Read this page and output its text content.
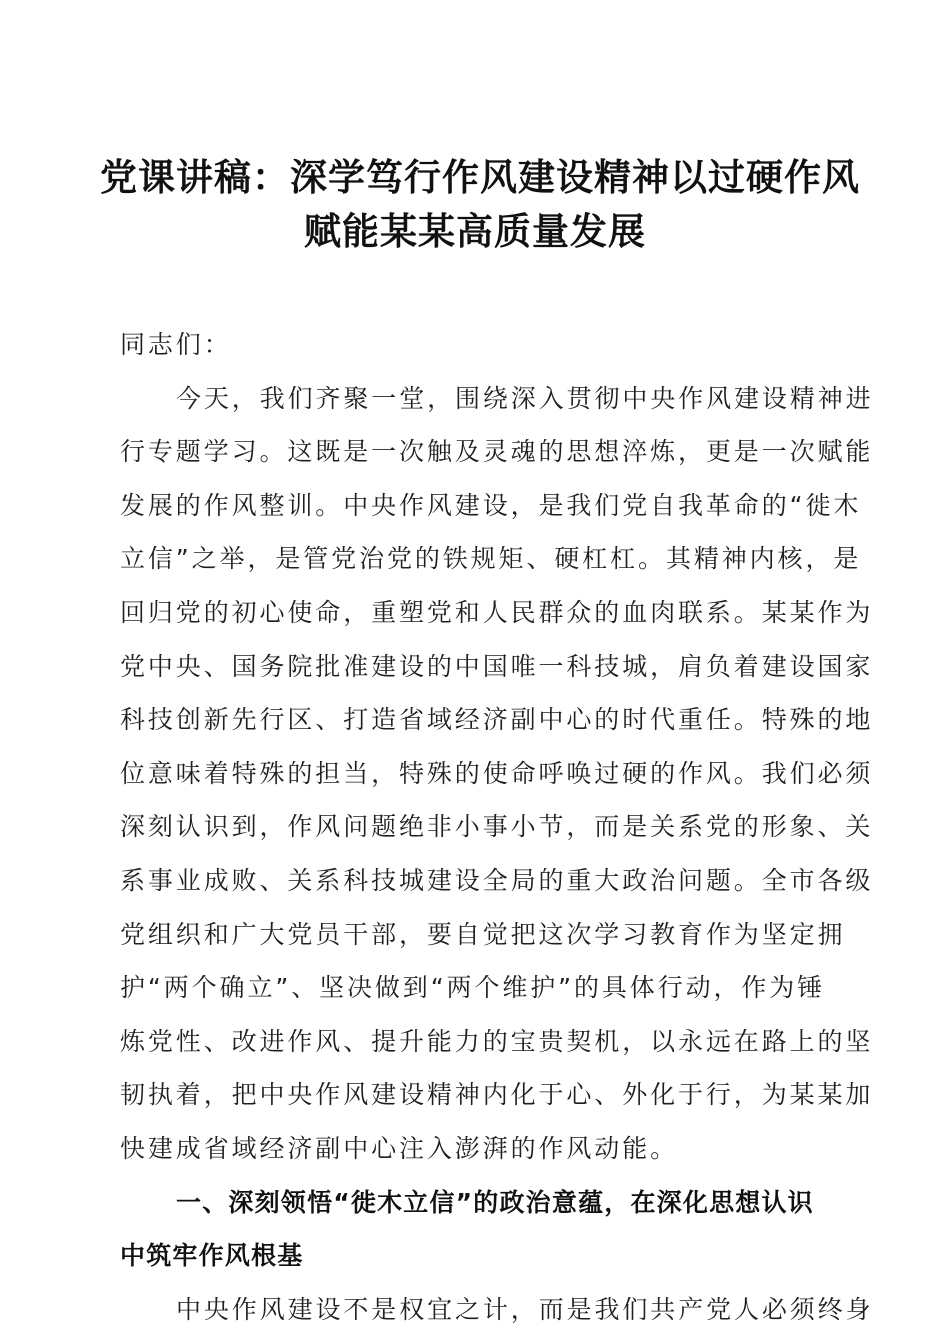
党课讲稿：深学笃行作风建设精神以过硬作风
赋能某某高质量发展
同志们：
今天，我们齐聚一堂，围绕深入贯彻中央作风建设精神进
行专题学习。这既是一次触及灵魂的思想淬炼，更是一次赋能
发展的作风整训。中央作风建设，是我们党自我革命的“徙木
立信”之举，是管党治党的铁规矩、硬杠杠。其精神内核，是
回归党的初心使命，重塑党和人民群众的血肉联系。某某作为
党中央、国务院批准建设的中国唯一科技城，肩负着建设国家
科技创新先行区、打造省域经济副中心的时代重任。特殊的地
位意味着特殊的担当，特殊的使命呼唤过硬的作风。我们必须
深刻认识到，作风问题绝非小事小节，而是关系党的形象、关
系事业成败、关系科技城建设全局的重大政治问题。全市各级
党组织和广大党员干部，要自觉把这次学习教育作为坚定拥
护“两个确立”、坚决做到“两个维护”的具体行动，作为锤
炼党性、改进作风、提升能力的宝贵契机，以永远在路上的坚
韧执着，把中央作风建设精神内化于心、外化于行，为某某加
快建成省域经济副中心注入澎湃的作风动能。
一、深刻领悟“徙木立信”的政治意蕴，在深化思想认识
中筑牢作风根基
中央作风建设不是权宜之计，而是我们共产党人必须终身
